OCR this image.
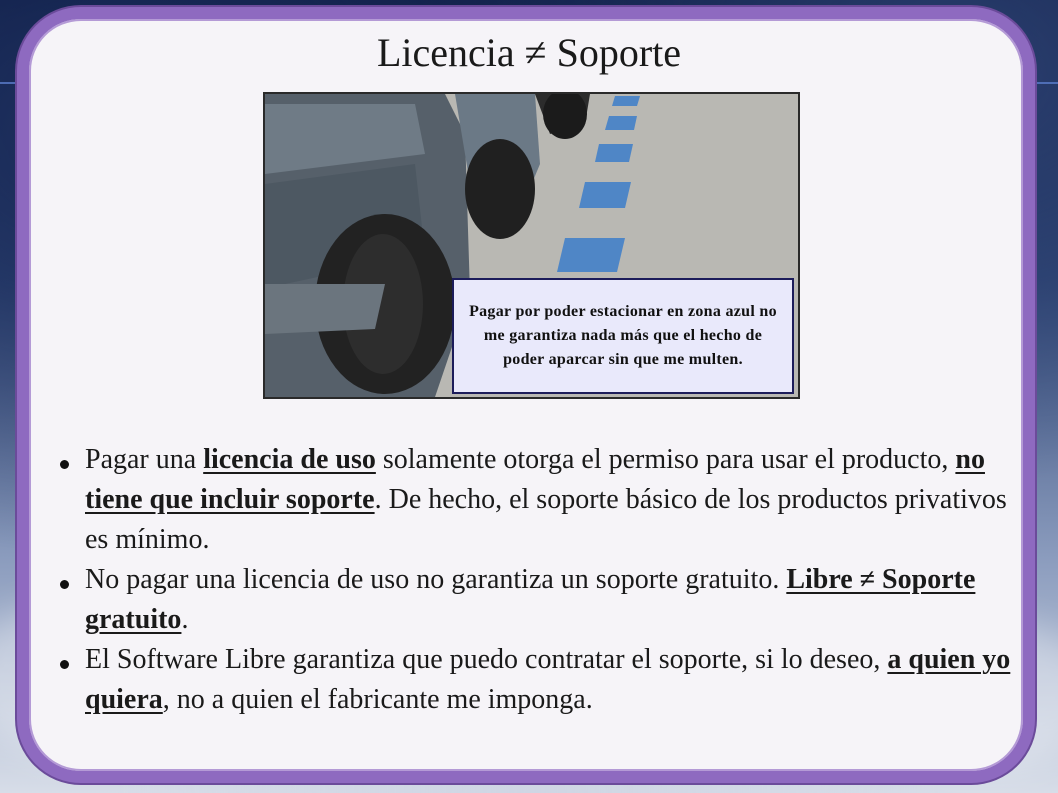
Licencia ≠ Soporte
Pagar por poder estacionar en zona azul no me garantiza nada más que el hecho de poder aparcar sin que me multen.
Pagar una licencia de uso solamente otorga el permiso para usar el producto, no tiene que incluir soporte. De hecho, el soporte básico de los productos privativos es mínimo.
No pagar una licencia de uso no garantiza un soporte gratuito. Libre ≠ Soporte gratuito.
El Software Libre garantiza que puedo contratar el soporte, si lo deseo, a quien yo quiera, no a quien el fabricante me imponga.
